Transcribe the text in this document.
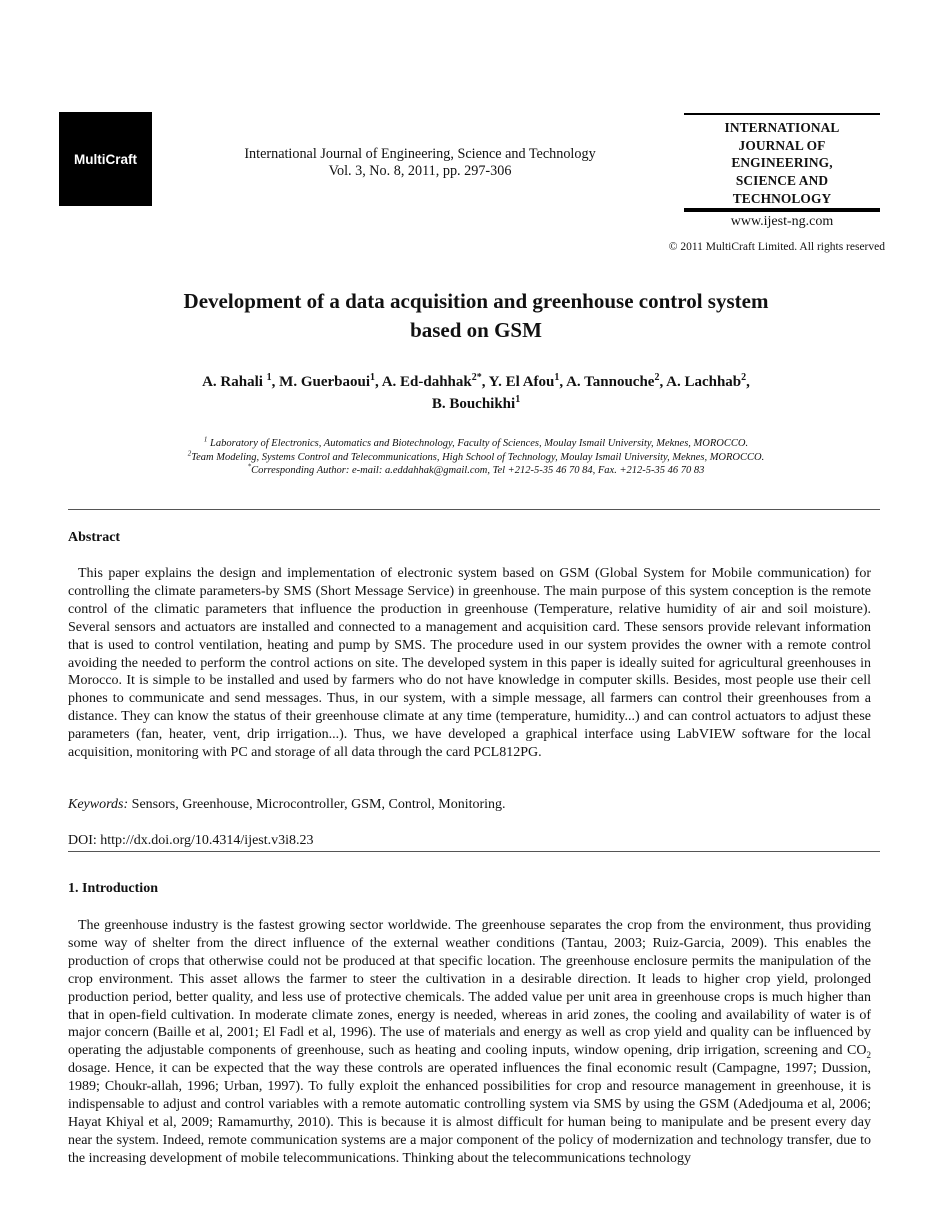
MultiCraft	International Journal of Engineering, Science and Technology
Vol. 3, No. 8, 2011, pp. 297-306
INTERNATIONAL
JOURNAL OF
ENGINEERING,
SCIENCE AND
TECHNOLOGY
www.ijest-ng.com
© 2011 MultiCraft Limited. All rights reserved
Development of a data acquisition and greenhouse control system
based on GSM
A. Rahali $^1$, M. Guerbaoui$^1$, A. Ed-dahhak$^{2*}$, Y. El Afou$^1$, A. Tannouche$^2$, A. Lachhab$^2$,
B. Bouchikhi$^1$
$^1$ Laboratory of Electronics, Automatics and Biotechnology, Faculty of Sciences, Moulay Ismail University, Meknes, MOROCCO.
$^2$Team Modeling, Systems Control and Telecommunications, High School of Technology, Moulay Ismail University, Meknes, MOROCCO.
*Corresponding Author: e-mail: a.eddahhak@gmail.com, Tel +212-5-35 46 70 84, Fax. +212-5-35 46 70 83
Abstract
This paper explains the design and implementation of electronic system based on GSM (Global System for Mobile communication) for controlling the climate parameters-by SMS (Short Message Service) in greenhouse. The main purpose of this system conception is the remote control of the climatic parameters that influence the production in greenhouse (Temperature, relative humidity of air and soil moisture). Several sensors and actuators are installed and connected to a management and acquisition card. These sensors provide relevant information that is used to control ventilation, heating and pump by SMS. The procedure used in our system provides the owner with a remote control avoiding the needed to perform the control actions on site. The developed system in this paper is ideally suited for agricultural greenhouses in Morocco. It is simple to be installed and used by farmers who do not have knowledge in computer skills. Besides, most people use their cell phones to communicate and send messages. Thus, in our system, with a simple message, all farmers can control their greenhouses from a distance. They can know the status of their greenhouse climate at any time (temperature, humidity...) and can control actuators to adjust these parameters (fan, heater, vent, drip irrigation...). Thus, we have developed a graphical interface using LabVIEW software for the local acquisition, monitoring with PC and storage of all data through the card PCL812PG.
Keywords: Sensors, Greenhouse, Microcontroller, GSM, Control, Monitoring.
DOI: http://dx.doi.org/10.4314/ijest.v3i8.23
1. Introduction
The greenhouse industry is the fastest growing sector worldwide. The greenhouse separates the crop from the environment, thus providing some way of shelter from the direct influence of the external weather conditions (Tantau, 2003; Ruiz-Garcia, 2009). This enables the production of crops that otherwise could not be produced at that specific location. The greenhouse enclosure permits the manipulation of the crop environment. This asset allows the farmer to steer the cultivation in a desirable direction. It leads to higher crop yield, prolonged production period, better quality, and less use of protective chemicals. The added value per unit area in greenhouse crops is much higher than that in open-field cultivation. In moderate climate zones, energy is needed, whereas in arid zones, the cooling and availability of water is of major concern (Baille et al, 2001; El Fadl et al, 1996). The use of materials and energy as well as crop yield and quality can be influenced by operating the adjustable components of greenhouse, such as heating and cooling inputs, window opening, drip irrigation, screening and $CO_2$ dosage. Hence, it can be expected that the way these controls are operated influences the final economic result (Campagne, 1997; Dussion, 1989; Choukr-allah, 1996; Urban, 1997). To fully exploit the enhanced possibilities for crop and resource management in greenhouse, it is indispensable to adjust and control variables with a remote automatic controlling system via SMS by using the GSM (Adedjouma et al, 2006; Hayat Khiyal et al, 2009; Ramamurthy, 2010). This is because it is almost difficult for human being to manipulate and be present every day near the system. Indeed, remote communication systems are a major component of the policy of modernization and technology transfer, due to the increasing development of mobile telecommunications. Thinking about the telecommunications technology
